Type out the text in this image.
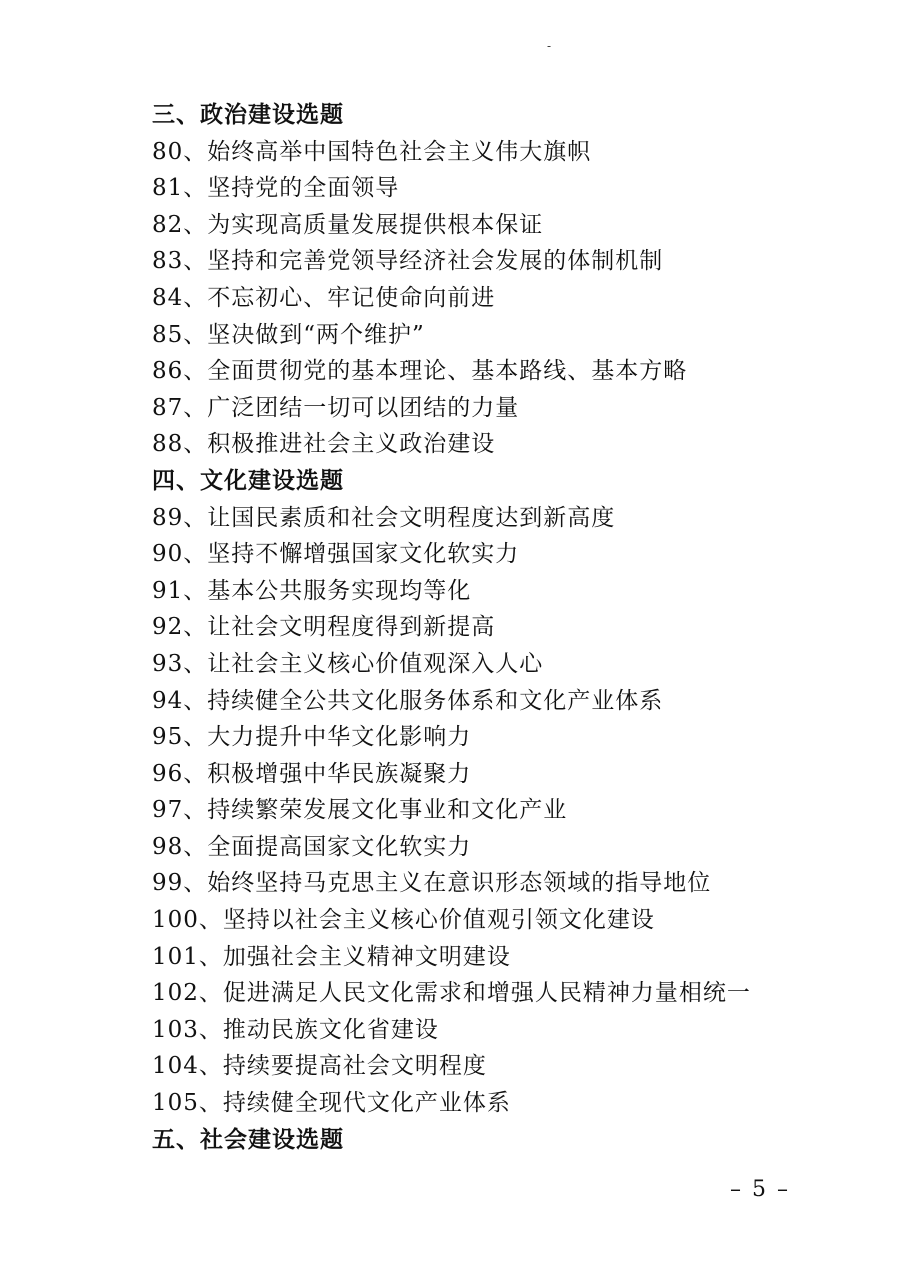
-
三、政治建设选题
80、始终高举中国特色社会主义伟大旗帜
81、坚持党的全面领导
82、为实现高质量发展提供根本保证
83、坚持和完善党领导经济社会发展的体制机制
84、不忘初心、牢记使命向前进
85、坚决做到“两个维护”
86、全面贯彻党的基本理论、基本路线、基本方略
87、广泛团结一切可以团结的力量
88、积极推进社会主义政治建设
四、文化建设选题
89、让国民素质和社会文明程度达到新高度
90、坚持不懈增强国家文化软实力
91、基本公共服务实现均等化
92、让社会文明程度得到新提高
93、让社会主义核心价值观深入人心
94、持续健全公共文化服务体系和文化产业体系
95、大力提升中华文化影响力
96、积极增强中华民族凝聚力
97、持续繁荣发展文化事业和文化产业
98、全面提高国家文化软实力
99、始终坚持马克思主义在意识形态领域的指导地位
100、坚持以社会主义核心价值观引领文化建设
101、加强社会主义精神文明建设
102、促进满足人民文化需求和增强人民精神力量相统一
103、推动民族文化省建设
104、持续要提高社会文明程度
105、持续健全现代文化产业体系
五、社会建设选题
– 5 –
